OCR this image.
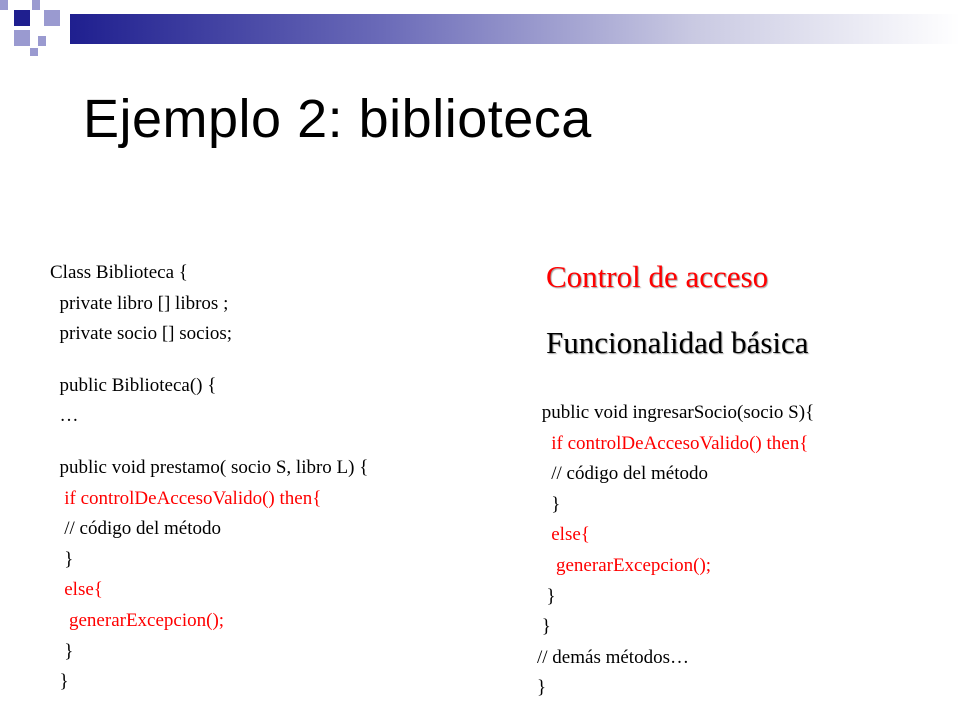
Ejemplo 2: biblioteca
Class Biblioteca {
private libro [] libros ;
private socio [] socios;
public Biblioteca() {
…
public void prestamo( socio S, libro L) {
if controlDeAccesoValido() then{
// código del método
}
else{
generarExcepcion();
}
}
Control de acceso
Funcionalidad básica
public void ingresarSocio(socio S){
if controlDeAccesoValido() then{
// código del método
}
else{
generarExcepcion();
}
}
// demás métodos…
}
